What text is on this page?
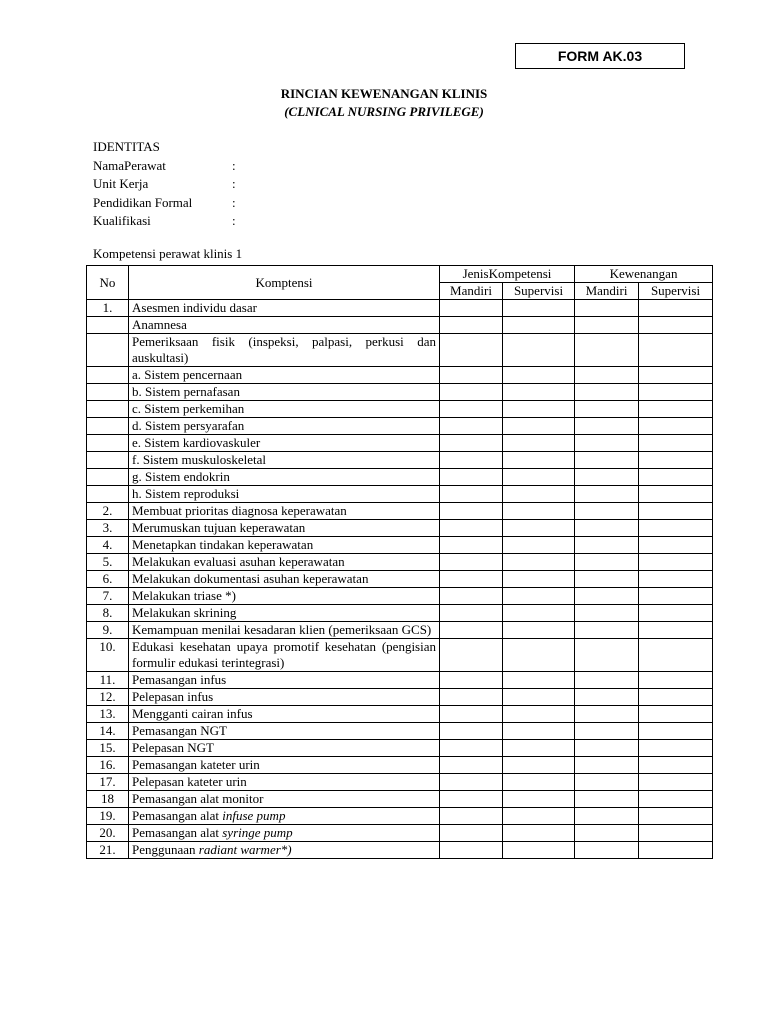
FORM AK.03
RINCIAN KEWENANGAN KLINIS
(CLNICAL NURSING PRIVILEGE)
IDENTITAS
NamaPerawat	:
Unit Kerja	:
Pendidikan Formal	:
Kualifikasi	:
Kompetensi perawat klinis 1
No	Komptensi	JenisKompetensi		Kewenangan	
		Mandiri	Supervisi	Mandiri	Supervisi
1.	Asesmen individu dasar				
	Anamnesa				
	Pemeriksaan fisik (inspeksi, palpasi, perkusi dan auskultasi)				
	a. Sistem pencernaan				
	b. Sistem pernafasan				
	c. Sistem perkemihan				
	d. Sistem persyarafan				
	e. Sistem kardiovaskuler				
	f. Sistem muskuloskeletal				
	g. Sistem endokrin				
	h. Sistem reproduksi				
2.	Membuat prioritas diagnosa keperawatan				
3.	Merumuskan tujuan keperawatan				
4.	Menetapkan tindakan keperawatan				
5.	Melakukan evaluasi asuhan keperawatan				
6.	Melakukan dokumentasi asuhan keperawatan				
7.	Melakukan triase *)				
8.	Melakukan skrining				
9.	Kemampuan menilai kesadaran klien (pemeriksaan GCS)				
10.	Edukasi kesehatan upaya promotif kesehatan (pengisian formulir edukasi terintegrasi)				
11.	Pemasangan infus				
12.	Pelepasan infus				
13.	Mengganti cairan infus				
14.	Pemasangan NGT				
15.	Pelepasan NGT				
16.	Pemasangan kateter urin				
17.	Pelepasan kateter urin				
18	Pemasangan alat monitor				
19.	Pemasangan alat infuse pump				
20.	Pemasangan alat syringe pump				
21.	Penggunaan radiant warmer*)				
